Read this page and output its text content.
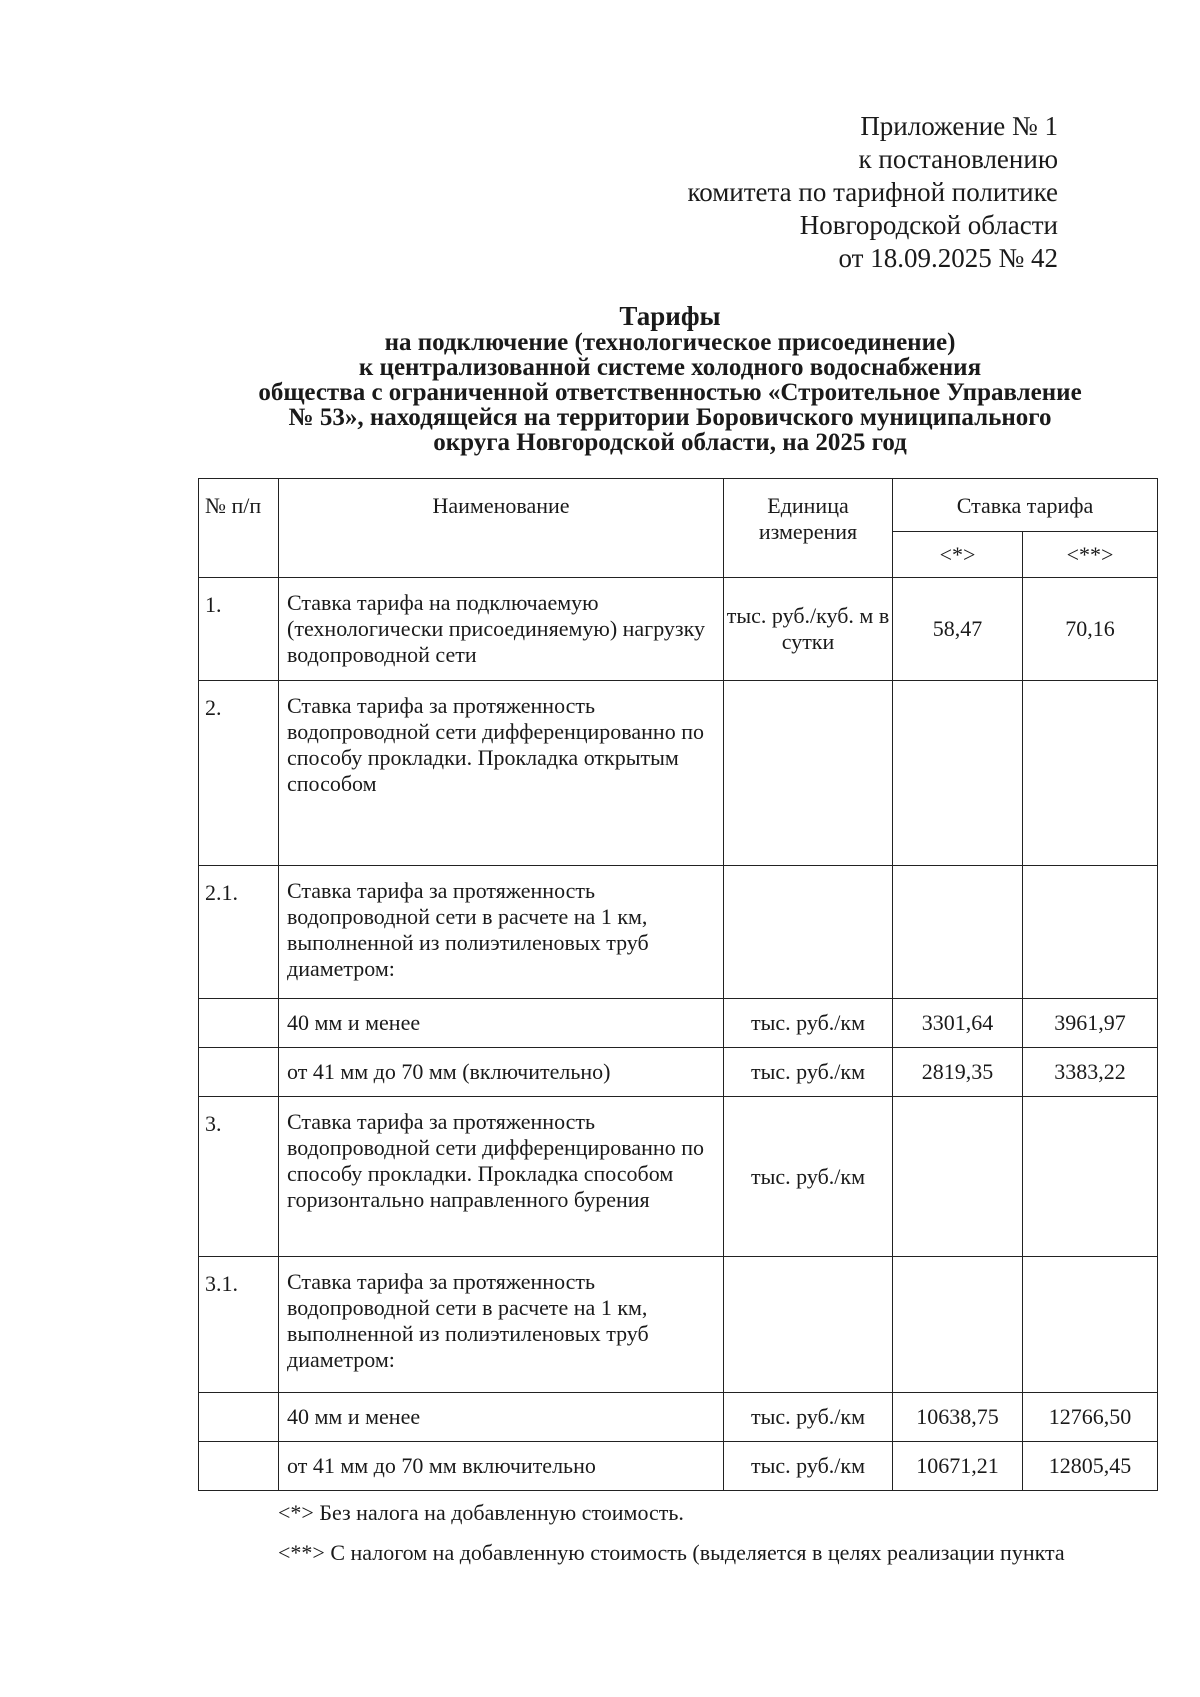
Приложение № 1
к постановлению
комитета по тарифной политике
Новгородской области
от 18.09.2025 № 42
Тарифы
на подключение (технологическое присоединение)
к централизованной системе холодного водоснабжения
общества с ограниченной ответственностью «Строительное Управление
№ 53», находящейся на территории Боровичского муниципального
округа Новгородской области, на 2025 год
№ п/п	Наименование	Единица измерения	Ставка тарифа	
			<*>	<**>
1.	Ставка тарифа на подключаемую (технологически присоединяемую) нагрузку водопроводной сети	тыс. руб./куб. м в сутки	58,47	70,16
2.	Ставка тарифа за протяженность водопроводной сети дифференцированно по способу прокладки. Прокладка открытым способом			
2.1.	Ставка тарифа за протяженность водопроводной сети в расчете на 1 км, выполненной из полиэтиленовых труб диаметром:			
	40 мм и менее	тыс. руб./км	3301,64	3961,97
	от 41 мм до 70 мм (включительно)	тыс. руб./км	2819,35	3383,22
3.	Ставка тарифа за протяженность водопроводной сети дифференцированно по способу прокладки. Прокладка способом горизонтально направленного бурения	тыс. руб./км		
3.1.	Ставка тарифа за протяженность водопроводной сети в расчете на 1 км, выполненной из полиэтиленовых труб диаметром:			
	40 мм и менее	тыс. руб./км	10638,75	12766,50
	от 41 мм до 70 мм включительно	тыс. руб./км	10671,21	12805,45
<*> Без налога на добавленную стоимость.
<**> С налогом на добавленную стоимость (выделяется в целях реализации пункта
